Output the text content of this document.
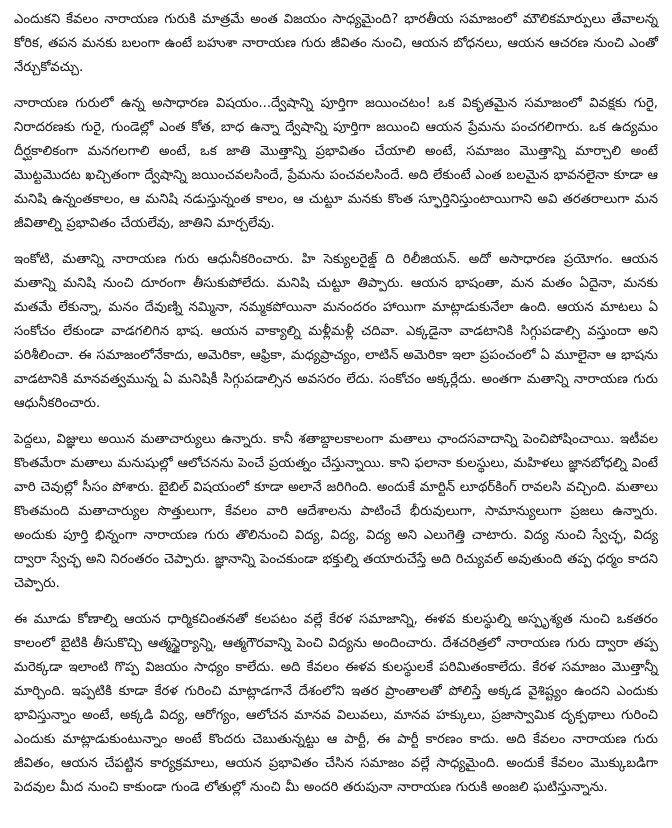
ఎందుకని కేవలం నారాయణ గురుకి మాత్రమే అంత విజయం సాధ్యమైంది? భారతీయ సమాజంలో మౌలికమార్పులు తేవాలన్న కోరిక, తపన మనకు బలంగా ఉంటే బహుశా నారాయణ గురు జీవితం నుంచి, ఆయన బోధనలు, ఆయన ఆచరణ నుంచి ఎంతో నేర్చుకోవచ్చు.

నారాయణ గురులో ఉన్న అసాధారణ విషయం...ద్వేషాన్ని పూర్తిగా జయించటం! ఒక వికృతమైన సమాజంలో వివక్షకు గురై, నిరాదరణకు గురై, గుండెల్లో ఎంత కోత, బాధ ఉన్నా ద్వేషాన్ని పూర్తిగా జయించి ఆయన ప్రేమను పంచగలిగారు. ఒక ఉద్యమం దీర్ఘకాలికంగా మనగలగాలి అంటే, ఒక జాతి మొత్తాన్ని ప్రభావితం చేయాలి అంటే, సమాజం మొత్తాన్ని మార్చాలి అంటే మొట్టమొదట ఖచ్చితంగా ద్వేషాన్ని జయించవలసిందే, ప్రేమను పంచవలసిందే. అది లేకుంటే ఎంత బలమైన భావనలైనా కూడా ఆ మనిషి ఉన్నంతకాలం, ఆ మనిషి నడుస్తున్నంత కాలం, ఆ చుట్టూ మనకు కొంత స్ఫూర్తినిస్తుంటాయిగాని అవి తరతరాలుగా మన జీవితాల్ని ప్రభావితం చేయలేవు, జాతిని మార్చలేవు.

ఇంకోటి, మతాన్ని నారాయణ గురు ఆధునీకరించారు. హి సెక్యులరైజ్డ్ ది రిలీజియన్. అదో అసాధారణ ప్రయోగం. ఆయన మతాన్ని మనిషి నుంచి దూరంగా తీసుకుపోలేదు. మనిషి చుట్టూ తిప్పారు. ఆయన భాషంతా, మన మతం ఏదైనా, మనకు మతమే లేకున్నా, మనం దేవుణ్ని నమ్మినా, నమ్మకపోయినా మనందరం హాయిగా మాట్లాడుకునేలా ఉంది. ఆయన మాటలు ఏ సంకోచం లేకుండా వాడగలిగిన భాష. ఆయన వాక్యాల్ని మళ్లీమళ్లీ చదివా. ఎక్కడైనా వాడటానికి సిగ్గుపడాల్సి వస్తుందా అని పరిశీలించా. ఈ సమాజంలోనేకాదు, అమెరికా, ఆఫ్రికా, మధ్యప్రాచ్యం, లాటిన్ అమెరికా ఇలా ప్రపంచంలో ఏ మూలైనా ఆ భాషను వాడటానికి మానవత్వమున్న ఏ మనిషికీ సిగ్గుపడాల్సిన అవసరం లేదు. సంకోచం అక్కర్లేదు. అంతగా మతాన్ని నారాయణ గురు ఆధునీకరించారు.

పెద్దలు, విజ్ఞులు అయిన మతాచార్యులు ఉన్నారు. కానీ శతాబ్దాలకాలంగా మతాలు ఛాందసవాదాన్ని పెంచిపోషించాయి. ఇటీవల కొంతమేరా మతాలు మనుషుల్లో ఆలోచనను పెంచే ప్రయత్నం చేస్తున్నాయి. కాని ఫలానా కులస్థులు, మహిళలు జ్ఞానబోధల్ని వింటే వారి చెవుల్లో సీసం పోశారు. బైబిల్ విషయంలో కూడా అలానే జరిగింది. అందుకే మార్టిన్ లూథర్‌కింగ్ రావలసి వచ్చింది. మతాలు కొంతమంది మతాచార్యుల సొత్తులుగా, కేవలం వారి ఆదేశాలను పాటించే భీరువులుగా, సామాన్యులుగా ప్రజలు ఉన్నారు. అందుకు పూర్తి భిన్నంగా నారాయణ గురు తొలినుంచి విద్య, విద్య, విద్య అని ఎలుగెత్తి చాటారు. విద్య నుంచి స్వేచ్ఛ, విద్య ద్వారా స్వేచ్ఛ అని నిరంతరం చెప్పారు. జ్ఞానాన్ని పెంచకుండా భక్తుల్ని తయారుచేస్తే అది రిచ్యువల్ అవుతుంది తప్ప ధర్మం కాదని చెప్పారు.

ఈ మూడు కోణాల్ని ఆయన ధార్మికచింతనతో కలపటం వల్లే కేరళ సమాజాన్ని, ఈళవ కులస్థుల్ని అస్పృశ్యత నుంచి ఒకతరం కాలంలో బైటికి తీసుకొచ్చి ఆత్మస్థైర్యాన్ని, ఆత్మగౌరవాన్ని పెంచి విద్యను అందించారు. దేశచరిత్రలో నారాయణ గురు ద్వారా తప్ప మరెక్కడా ఇలాంటి గొప్ప విజయం సాధ్యం కాలేదు. అది కేవలం ఈళవ కులస్థులకే పరిమితంకాలేదు. కేరళ సమాజం మొత్తాన్నీ మార్చింది. ఇప్పటికి కూడా కేరళ గురించి మాట్లాడగానే దేశంలోని ఇతర ప్రాంతాలతో పోలిస్తే అక్కడ వైశిష్ట్యం ఉందని ఎందుకు భావిస్తున్నాం అంటే, అక్కడి విద్య, ఆరోగ్యం, ఆలోచన మానవ విలువలు, మానవ హక్కులు, ప్రజాస్వామిక దృక్పథాలు గురించి ఎందుకు మాట్లాడుకుంటున్నాం అంటే కొందరు చెబుతున్నట్టు ఆ పార్టీ, ఈ పార్టీ కారణం కాదు. అది కేవలం నారాయణ గురు జీవితం, ఆయన చేపట్టిన కార్యక్రమాలు, ఆయన ప్రభావితం చేసిన సమాజం వల్లే సాధ్యమైంది. అందుకే కేవలం మొక్కుబడిగా పెదవుల మీద నుంచి కాకుండా గుండె లోతుల్లో నుంచి మీ అందరి తరుపునా నారాయణ గురుకి అంజలి ఘటిస్తున్నాను.
